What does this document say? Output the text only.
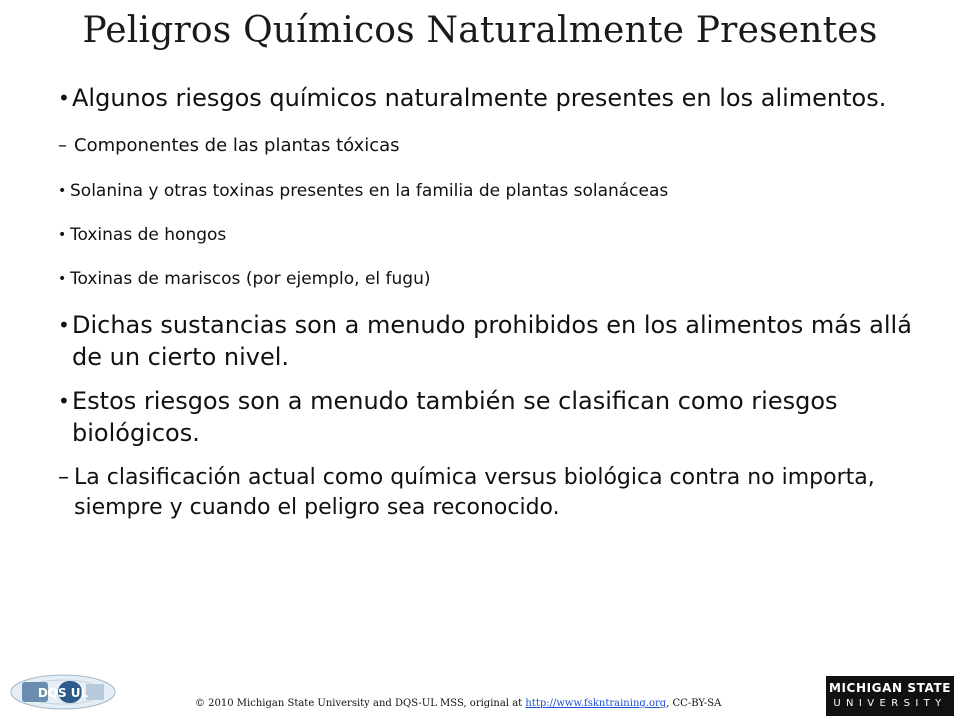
Peligros Químicos Naturalmente Presentes
• Algunos riesgos químicos naturalmente presentes en los alimentos.
– Componentes de las plantas tóxicas
• Solanina y otras toxinas presentes en la familia de plantas solanáceas
• Toxinas de hongos
• Toxinas de mariscos (por ejemplo, el fugu)
• Dichas sustancias son a menudo prohibidos en los alimentos más allá de un cierto nivel.
• Estos riesgos son a menudo también se clasifican como riesgos biológicos.
– La clasificación actual como química versus biológica contra no importa, siempre y cuando el peligro sea reconocido.
DQS UL
© 2010 Michigan State University and DQS-UL MSS, original at http://www.fskntraining.org, CC-BY-SA
MICHIGAN STATE
UNIVERSITY
